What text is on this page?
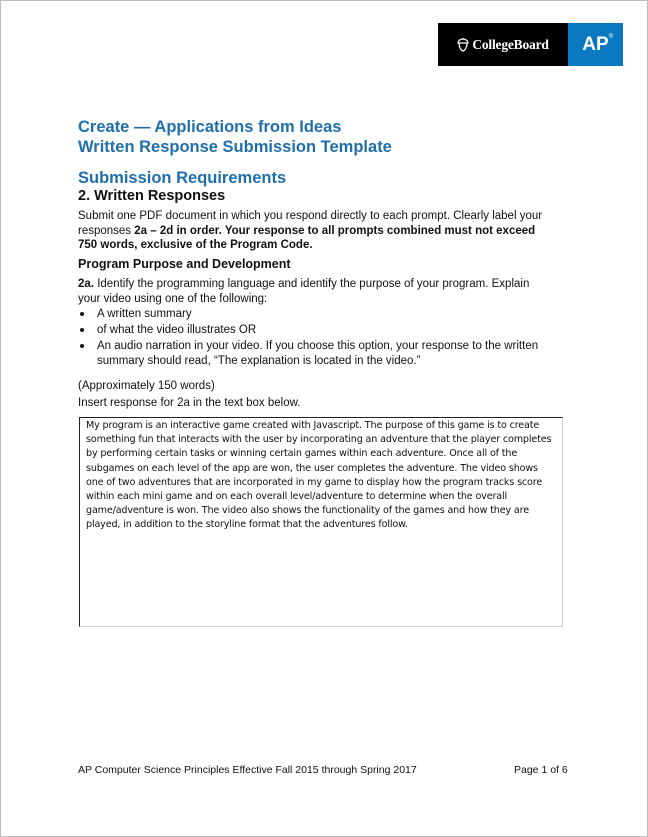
CollegeBoard AP®
Create — Applications from Ideas
Written Response Submission Template
Submission Requirements
2. Written Responses
Submit one PDF document in which you respond directly to each prompt. Clearly label your responses 2a – 2d in order. Your response to all prompts combined must not exceed 750 words, exclusive of the Program Code.
Program Purpose and Development
2a. Identify the programming language and identify the purpose of your program. Explain your video using one of the following:
A written summary
of what the video illustrates OR
An audio narration in your video. If you choose this option, your response to the written summary should read, “The explanation is located in the video.”
(Approximately 150 words)
Insert response for 2a in the text box below.
My program is an interactive game created with Javascript. The purpose of this game is to create something fun that interacts with the user by incorporating an adventure that the player completes by performing certain tasks or winning certain games within each adventure. Once all of the subgames on each level of the app are won, the user completes the adventure. The video shows one of two adventures that are incorporated in my game to display how the program tracks score within each mini game and on each overall level/adventure to determine when the overall game/adventure is won. The video also shows the functionality of the games and how they are played, in addition to the storyline format that the adventures follow.
AP Computer Science Principles Effective Fall 2015 through Spring 2017	Page 1 of 6
